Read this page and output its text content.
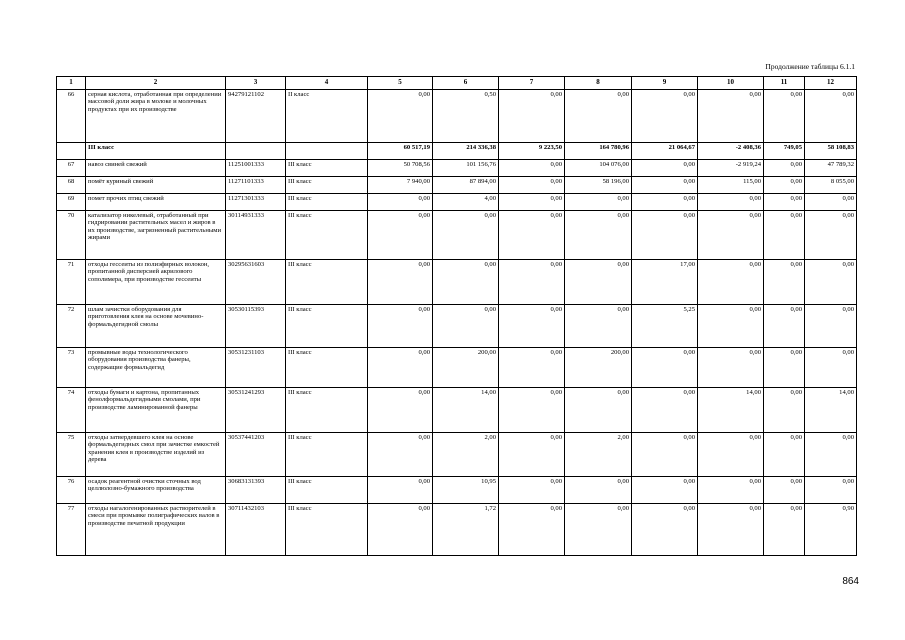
Продолжение таблицы 6.1.1
1	2	3	4	5	6	7	8	9	10	11	12
66	серная кислота, отработанная при определении массовой доли жира в молоке и молочных продуктах при их производстве	94279121102	II класс	0,00	0,50	0,00	0,00	0,00	0,00	0,00	0,00
	III класс			60 517,19	214 336,38	9 223,50	164 780,96	21 064,67	-2 408,36	749,05	58 108,83
67	навоз свиней свежий	11251001333	III класс	50 708,56	101 156,76	0,00	104 076,00	0,00	-2 919,24	0,00	47 789,32
68	помёт куриный свежий	11271101333	III класс	7 940,00	87 894,00	0,00	58 196,00	0,00	115,00	0,00	8 055,00
69	помет прочих птиц свежий	11271301333	III класс	0,00	4,00	0,00	0,00	0,00	0,00	0,00	0,00
70	катализатор никелевый, отработанный при гидрировании растительных масел и жиров в их производстве, загрязненный растительными жирами	30114931333	III класс	0,00	0,00	0,00	0,00	0,00	0,00	0,00	0,00
71	отходы гессеиты из полиэфирных волокон, пропитанной дисперсией акрилового сополимера, при производстве гессеиты	30295631603	III класс	0,00	0,00	0,00	0,00	17,00	0,00	0,00	0,00
72	шлам зачистки оборудования для приготовления клея на основе мочевино-формальдегидной смолы	30530115393	III класс	0,00	0,00	0,00	0,00	5,25	0,00	0,00	0,00
73	промывные воды технологического оборудования производства фанеры, содержащие формальдегид	30531231103	III класс	0,00	200,00	0,00	200,00	0,00	0,00	0,00	0,00
74	отходы бумаги и картона, пропитанных фенолформальдегидными смолами, при производстве ламинированной фанеры	30531241293	III класс	0,00	14,00	0,00	0,00	0,00	14,00	0,00	14,00
75	отходы затвердевшего клея на основе формальдегидных смол при зачистке емкостей хранения клея в производстве изделий из дерева	30537441203	III класс	0,00	2,00	0,00	2,00	0,00	0,00	0,00	0,00
76	осадок реагентной очистки сточных вод целлюлозно-бумажного производства	30683131393	III класс	0,00	10,95	0,00	0,00	0,00	0,00	0,00	0,00
77	отходы нагалогенированных растворителей в смеси при промывке полиграфических валов в производстве печатной продукции	30711432103	III класс	0,00	1,72	0,00	0,00	0,00	0,00	0,00	0,90
864
